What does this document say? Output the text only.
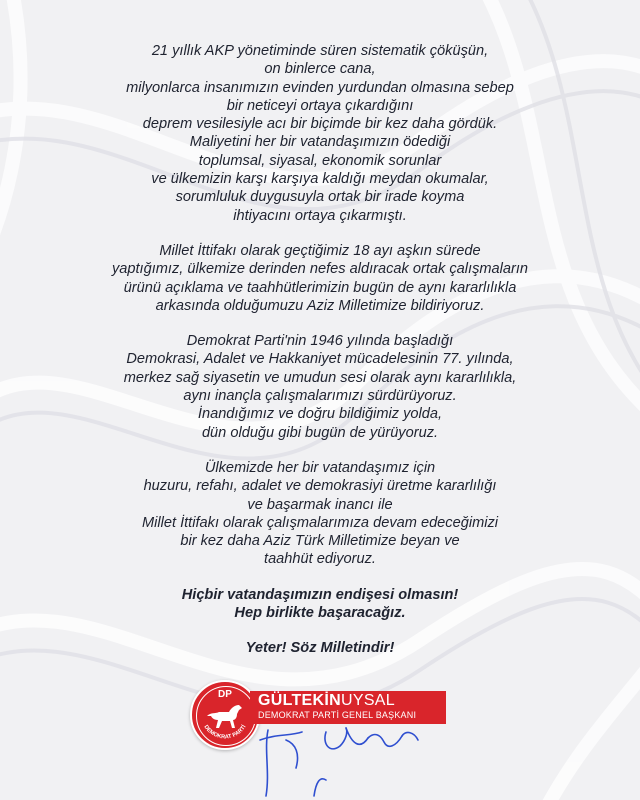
21 yıllık AKP yönetiminde süren sistematik çöküşün,
on binlerce cana,
milyonlarca insanımızın evinden yurdundan olmasına sebep
bir neticeyi ortaya çıkardığını
deprem vesilesiyle acı bir biçimde bir kez daha gördük.
Maliyetini her bir vatandaşımızın ödediği
toplumsal, siyasal, ekonomik sorunlar
ve ülkemizin karşı karşıya kaldığı meydan okumalar,
sorumluluk duygusuyla ortak bir irade koyma
ihtiyacını ortaya çıkarmıştı.
Millet İttifakı olarak geçtiğimiz 18 ayı aşkın sürede
yaptığımız, ülkemize derinden nefes aldıracak ortak çalışmaların
ürünü açıklama ve taahhütlerimizin bugün de aynı kararlılıkla
arkasında olduğumuzu Aziz Milletimize bildiriyoruz.
Demokrat Parti'nin 1946 yılında başladığı
Demokrasi, Adalet ve Hakkaniyet mücadelesinin 77. yılında,
merkez sağ siyasetin ve umudun sesi olarak aynı kararlılıkla,
aynı inançla çalışmalarımızı sürdürüyoruz.
İnandığımız ve doğru bildiğimiz yolda,
dün olduğu gibi bugün de yürüyoruz.
Ülkemizde her bir vatandaşımız için
huzuru, refahı, adalet ve demokrasiyi üretme kararlılığı
ve başarmak inancı ile
Millet İttifakı olarak çalışmalarımıza devam edeceğimizi
bir kez daha Aziz Türk Milletimize beyan ve
taahhüt ediyoruz.
Hiçbir vatandaşımızın endişesi olmasın!
Hep birlikte başaracağız.
Yeter! Söz Milletindir!
DP
DEMOKRAT PARTİ
GÜLTEKİNUYSAL
DEMOKRAT PARTİ GENEL BAŞKANI
